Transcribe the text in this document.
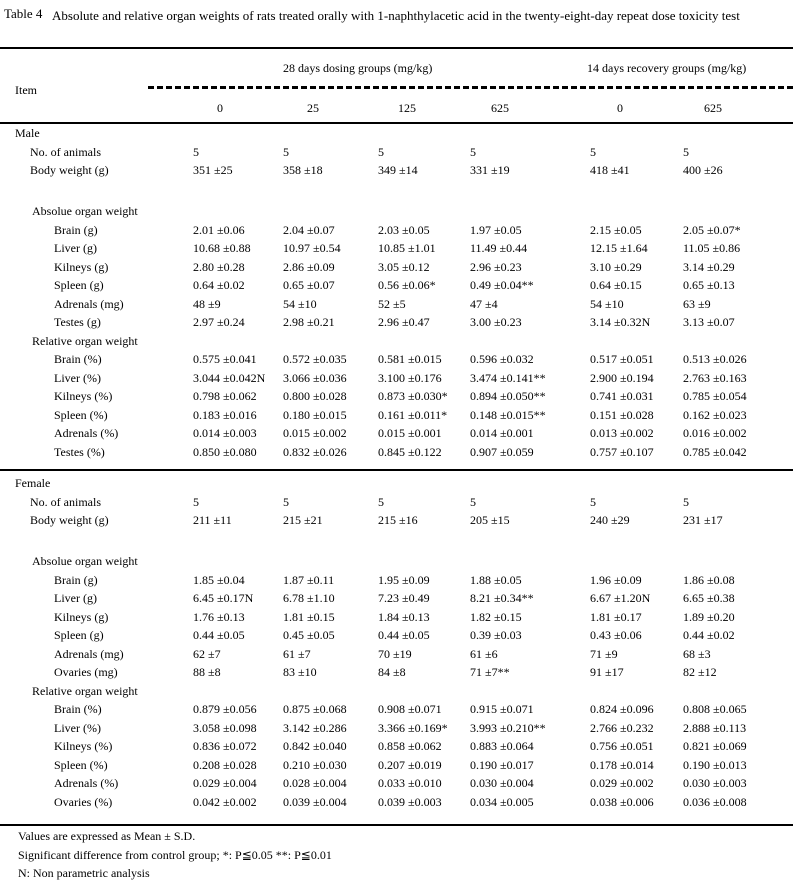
Table 4 Absolute and relative organ weights of rats treated orally with 1-naphthylacetic acid in the twenty-eight-day repeat dose toxicity test
28 days dosing groups (mg/kg)	14 days recovery groups (mg/kg)
Item
0	25	125	625	0	625
Male
No. of animals	5	5	5	5	5	5
Body weight (g)	351 ±25	358 ±18	349 ±14	331 ±19	418 ±41	400 ±26
Absolue organ weight
Brain (g)	2.01 ±0.06	2.04 ±0.07	2.03 ±0.05	1.97 ±0.05	2.15 ±0.05	2.05 ±0.07*
Liver (g)	10.68 ±0.88	10.97 ±0.54	10.85 ±1.01	11.49 ±0.44	12.15 ±1.64	11.05 ±0.86
Kilneys (g)	2.80 ±0.28	2.86 ±0.09	3.05 ±0.12	2.96 ±0.23	3.10 ±0.29	3.14 ±0.29
Spleen (g)	0.64 ±0.02	0.65 ±0.07	0.56 ±0.06*	0.49 ±0.04**	0.64 ±0.15	0.65 ±0.13
Adrenals (mg)	48 ±9	54 ±10	52 ±5	47 ±4	54 ±10	63 ±9
Testes (g)	2.97 ±0.24	2.98 ±0.21	2.96 ±0.47	3.00 ±0.23	3.14 ±0.32N	3.13 ±0.07
Relative organ weight
Brain (%)	0.575 ±0.041	0.572 ±0.035	0.581 ±0.015	0.596 ±0.032	0.517 ±0.051	0.513 ±0.026
Liver (%)	3.044 ±0.042N	3.066 ±0.036	3.100 ±0.176	3.474 ±0.141**	2.900 ±0.194	2.763 ±0.163
Kilneys (%)	0.798 ±0.062	0.800 ±0.028	0.873 ±0.030*	0.894 ±0.050**	0.741 ±0.031	0.785 ±0.054
Spleen (%)	0.183 ±0.016	0.180 ±0.015	0.161 ±0.011*	0.148 ±0.015**	0.151 ±0.028	0.162 ±0.023
Adrenals (%)	0.014 ±0.003	0.015 ±0.002	0.015 ±0.001	0.014 ±0.001	0.013 ±0.002	0.016 ±0.002
Testes (%)	0.850 ±0.080	0.832 ±0.026	0.845 ±0.122	0.907 ±0.059	0.757 ±0.107	0.785 ±0.042
Female
No. of animals	5	5	5	5	5	5
Body weight (g)	211 ±11	215 ±21	215 ±16	205 ±15	240 ±29	231 ±17
Absolue organ weight
Brain (g)	1.85 ±0.04	1.87 ±0.11	1.95 ±0.09	1.88 ±0.05	1.96 ±0.09	1.86 ±0.08
Liver (g)	6.45 ±0.17N	6.78 ±1.10	7.23 ±0.49	8.21 ±0.34**	6.67 ±1.20N	6.65 ±0.38
Kilneys (g)	1.76 ±0.13	1.81 ±0.15	1.84 ±0.13	1.82 ±0.15	1.81 ±0.17	1.89 ±0.20
Spleen (g)	0.44 ±0.05	0.45 ±0.05	0.44 ±0.05	0.39 ±0.03	0.43 ±0.06	0.44 ±0.02
Adrenals (mg)	62 ±7	61 ±7	70 ±19	61 ±6	71 ±9	68 ±3
Ovaries (mg)	88 ±8	83 ±10	84 ±8	71 ±7**	91 ±17	82 ±12
Relative organ weight
Brain (%)	0.879 ±0.056	0.875 ±0.068	0.908 ±0.071	0.915 ±0.071	0.824 ±0.096	0.808 ±0.065
Liver (%)	3.058 ±0.098	3.142 ±0.286	3.366 ±0.169*	3.993 ±0.210**	2.766 ±0.232	2.888 ±0.113
Kilneys (%)	0.836 ±0.072	0.842 ±0.040	0.858 ±0.062	0.883 ±0.064	0.756 ±0.051	0.821 ±0.069
Spleen (%)	0.208 ±0.028	0.210 ±0.030	0.207 ±0.019	0.190 ±0.017	0.178 ±0.014	0.190 ±0.013
Adrenals (%)	0.029 ±0.004	0.028 ±0.004	0.033 ±0.010	0.030 ±0.004	0.029 ±0.002	0.030 ±0.003
Ovaries (%)	0.042 ±0.002	0.039 ±0.004	0.039 ±0.003	0.034 ±0.005	0.038 ±0.006	0.036 ±0.008
Values are expressed as Mean ± S.D.
Significant difference from control group; *: P≦0.05 **: P≦0.01
N: Non parametric analysis
